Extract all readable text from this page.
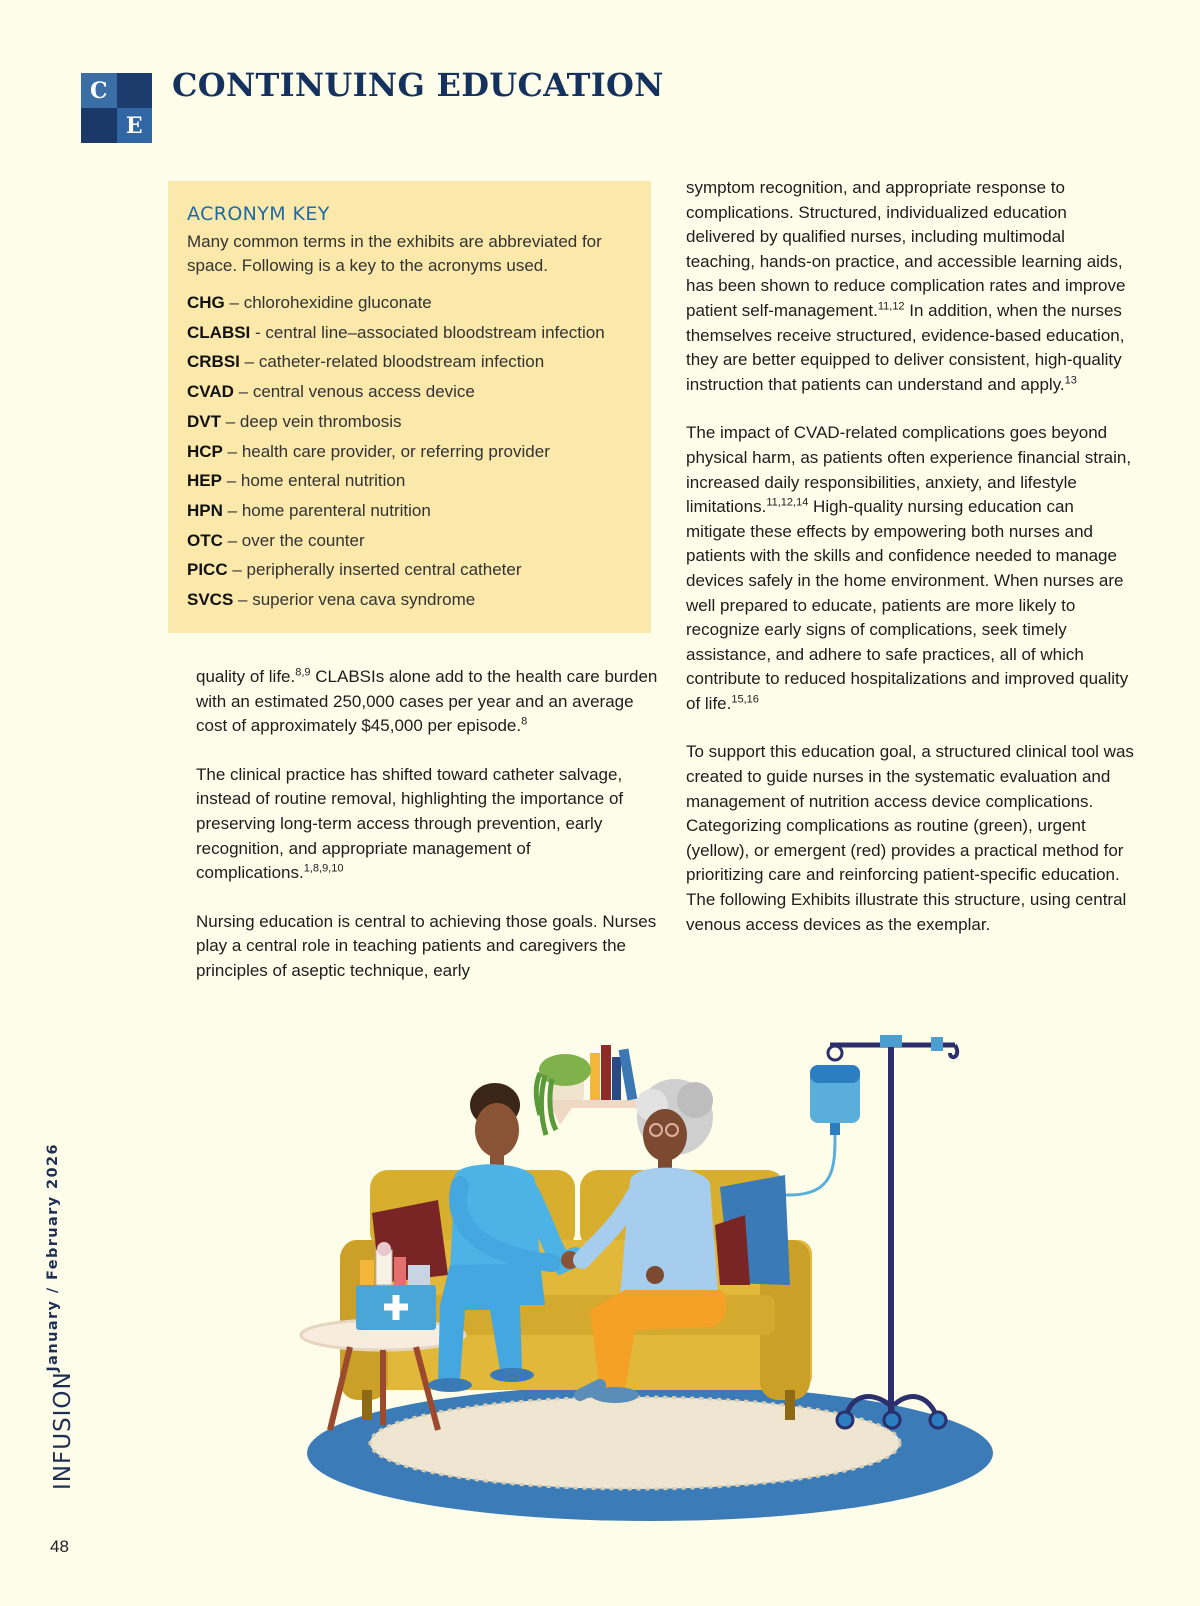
C
E
CONTINUING EDUCATION
ACRONYM KEY

Many common terms in the exhibits are abbreviated for space. Following is a key to the acronyms used.

CHG – chlorohexidine gluconate
CLABSI - central line–associated bloodstream infection
CRBSI – catheter-related bloodstream infection
CVAD – central venous access device
DVT – deep vein thrombosis
HCP – health care provider, or referring provider
HEP – home enteral nutrition
HPN – home parenteral nutrition
OTC – over the counter
PICC – peripherally inserted central catheter
SVCS – superior vena cava syndrome

quality of life.$^{8,9}$ CLABSIs alone add to the health care burden with an estimated 250,000 cases per year and an average cost of approximately $45,000 per episode.$^8$

The clinical practice has shifted toward catheter salvage, instead of routine removal, highlighting the importance of preserving long-term access through prevention, early recognition, and appropriate management of complications.$^{1,8,9,10}$

Nursing education is central to achieving those goals. Nurses play a central role in teaching patients and caregivers the principles of aseptic technique, early

symptom recognition, and appropriate response to complications. Structured, individualized education delivered by qualified nurses, including multimodal teaching, hands-on practice, and accessible learning aids, has been shown to reduce complication rates and improve patient self-management.$^{11,12}$ In addition, when the nurses themselves receive structured, evidence-based education, they are better equipped to deliver consistent, high-quality instruction that patients can understand and apply.$^{13}$

The impact of CVAD-related complications goes beyond physical harm, as patients often experience financial strain, increased daily responsibilities, anxiety, and lifestyle limitations.$^{11,12,14}$ High-quality nursing education can mitigate these effects by empowering both nurses and patients with the skills and confidence needed to manage devices safely in the home environment. When nurses are well prepared to educate, patients are more likely to recognize early signs of complications, seek timely assistance, and adhere to safe practices, all of which contribute to reduced hospitalizations and improved quality of life.$^{15,16}$

To support this education goal, a structured clinical tool was created to guide nurses in the systematic evaluation and management of nutrition access device complications. Categorizing complications as routine (green), urgent (yellow), or emergent (red) provides a practical method for prioritizing care and reinforcing patient-specific education. The following Exhibits illustrate this structure, using central venous access devices as the exemplar.

January / February 2026
INFUSION
48
